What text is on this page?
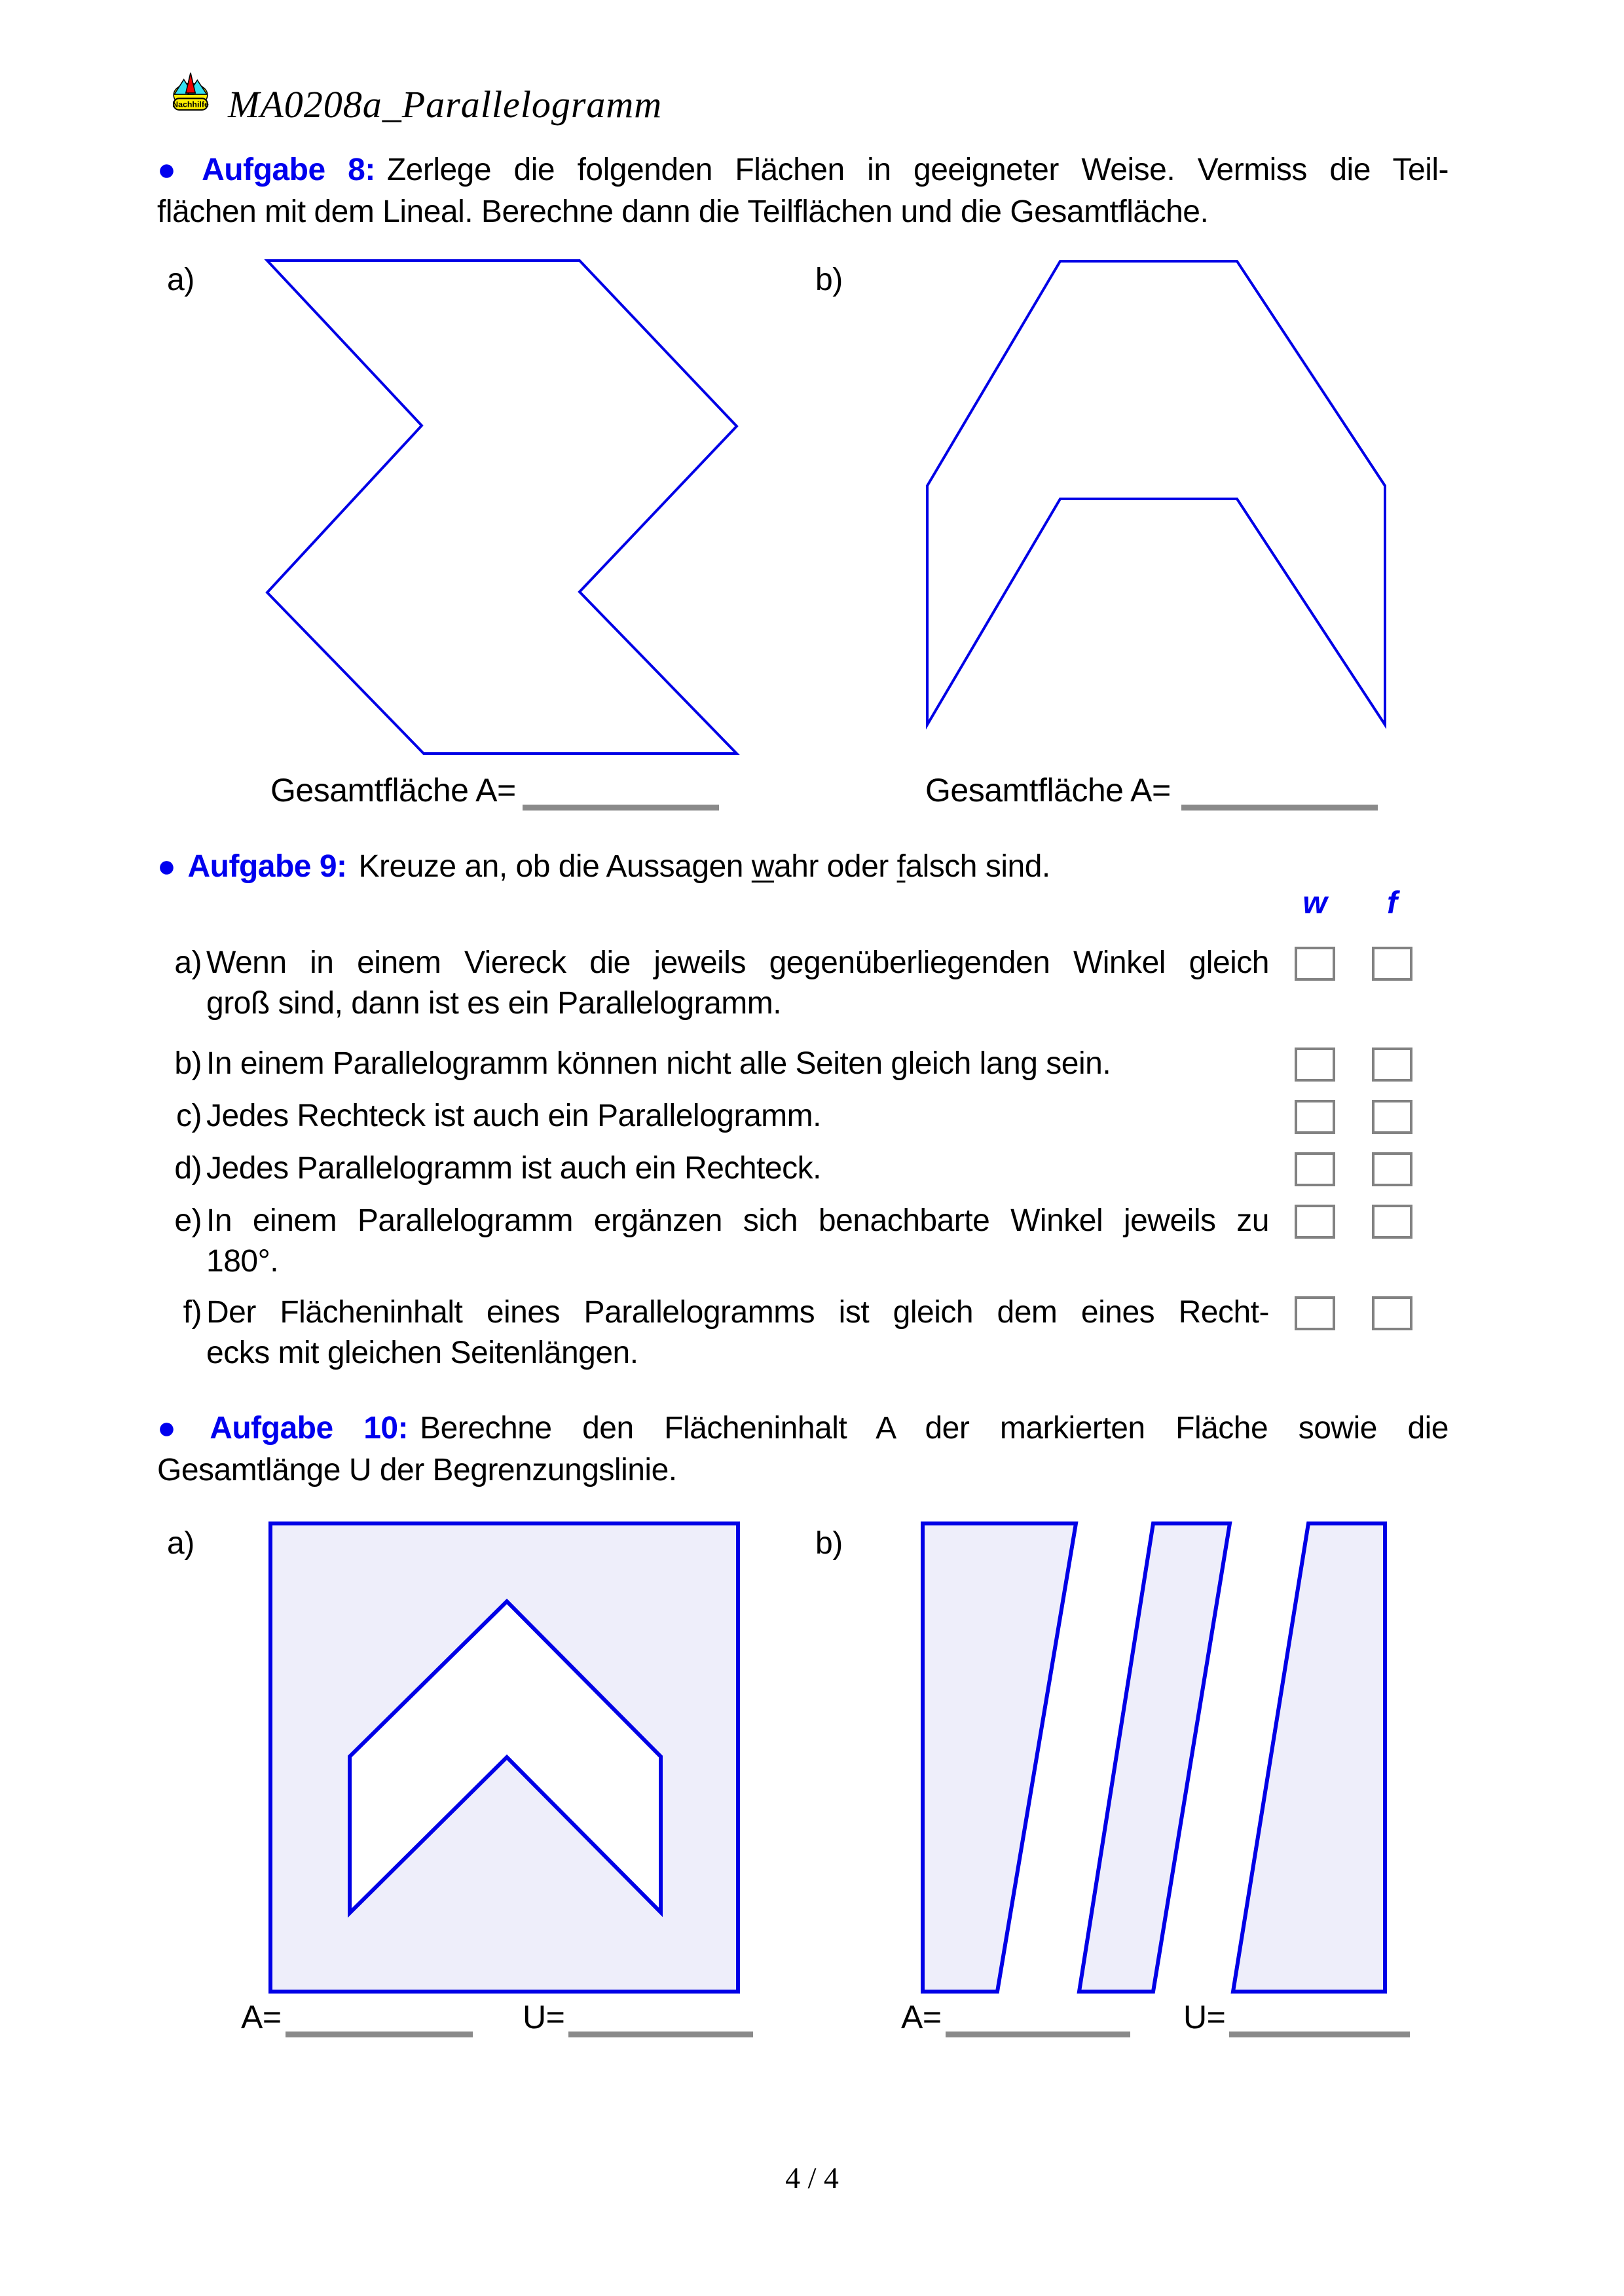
Nachhilfe MA0208a_Parallelogramm
● Aufgabe 8: Zerlege die folgenden Flächen in geeigneter Weise. Vermiss die Teil-
flächen mit dem Lineal. Berechne dann die Teilflächen und die Gesamtfläche.
a)	b)
Gesamtfläche A=	Gesamtfläche A=
● Aufgabe 9: Kreuze an, ob die Aussagen wahr oder falsch sind.
w	f
a) Wenn in einem Viereck die jeweils gegenüberliegenden Winkel gleich
groß sind, dann ist es ein Parallelogramm.
b) In einem Parallelogramm können nicht alle Seiten gleich lang sein.
c) Jedes Rechteck ist auch ein Parallelogramm.
d) Jedes Parallelogramm ist auch ein Rechteck.
e) In einem Parallelogramm ergänzen sich benachbarte Winkel jeweils zu
180°.
f) Der Flächeninhalt eines Parallelogramms ist gleich dem eines Recht-
ecks mit gleichen Seitenlängen.
● Aufgabe 10: Berechne den Flächeninhalt A der markierten Fläche sowie die
Gesamtlänge U der Begrenzungslinie.
a)	b)
A=	U=	A=	U=
4 / 4
